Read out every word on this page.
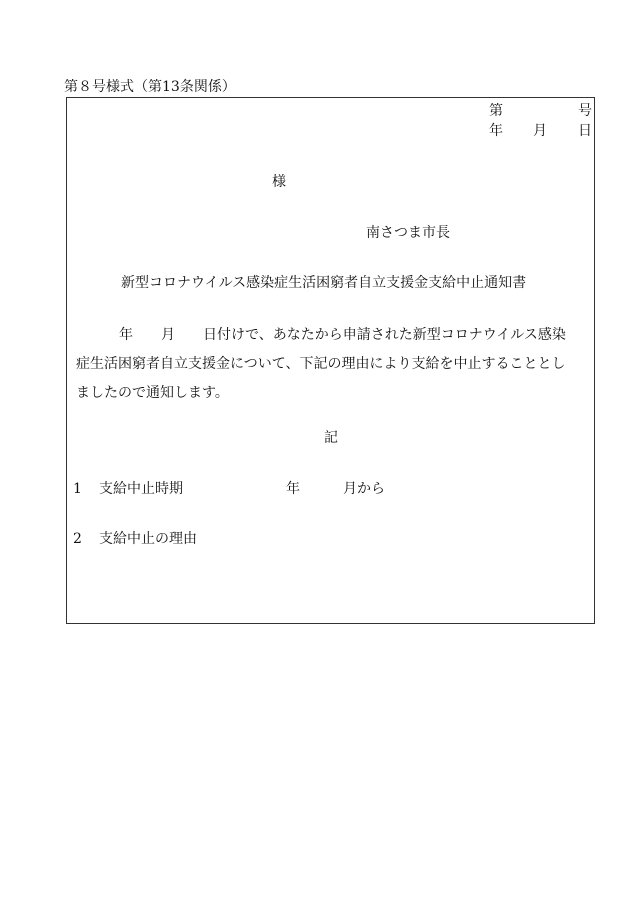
第８号様式（第13条関係）
第	号
年 月 日
様
南さつま市長
新型コロナウイルス感染症生活困窮者自立支援金支給中止通知書
年 月 日付けで、あなたから申請された新型コロナウイルス感染
症生活困窮者自立支援金について、下記の理由により支給を中止することとし
ましたので通知します。
記
1 支給中止時期	年	月から
2 支給中止の理由
